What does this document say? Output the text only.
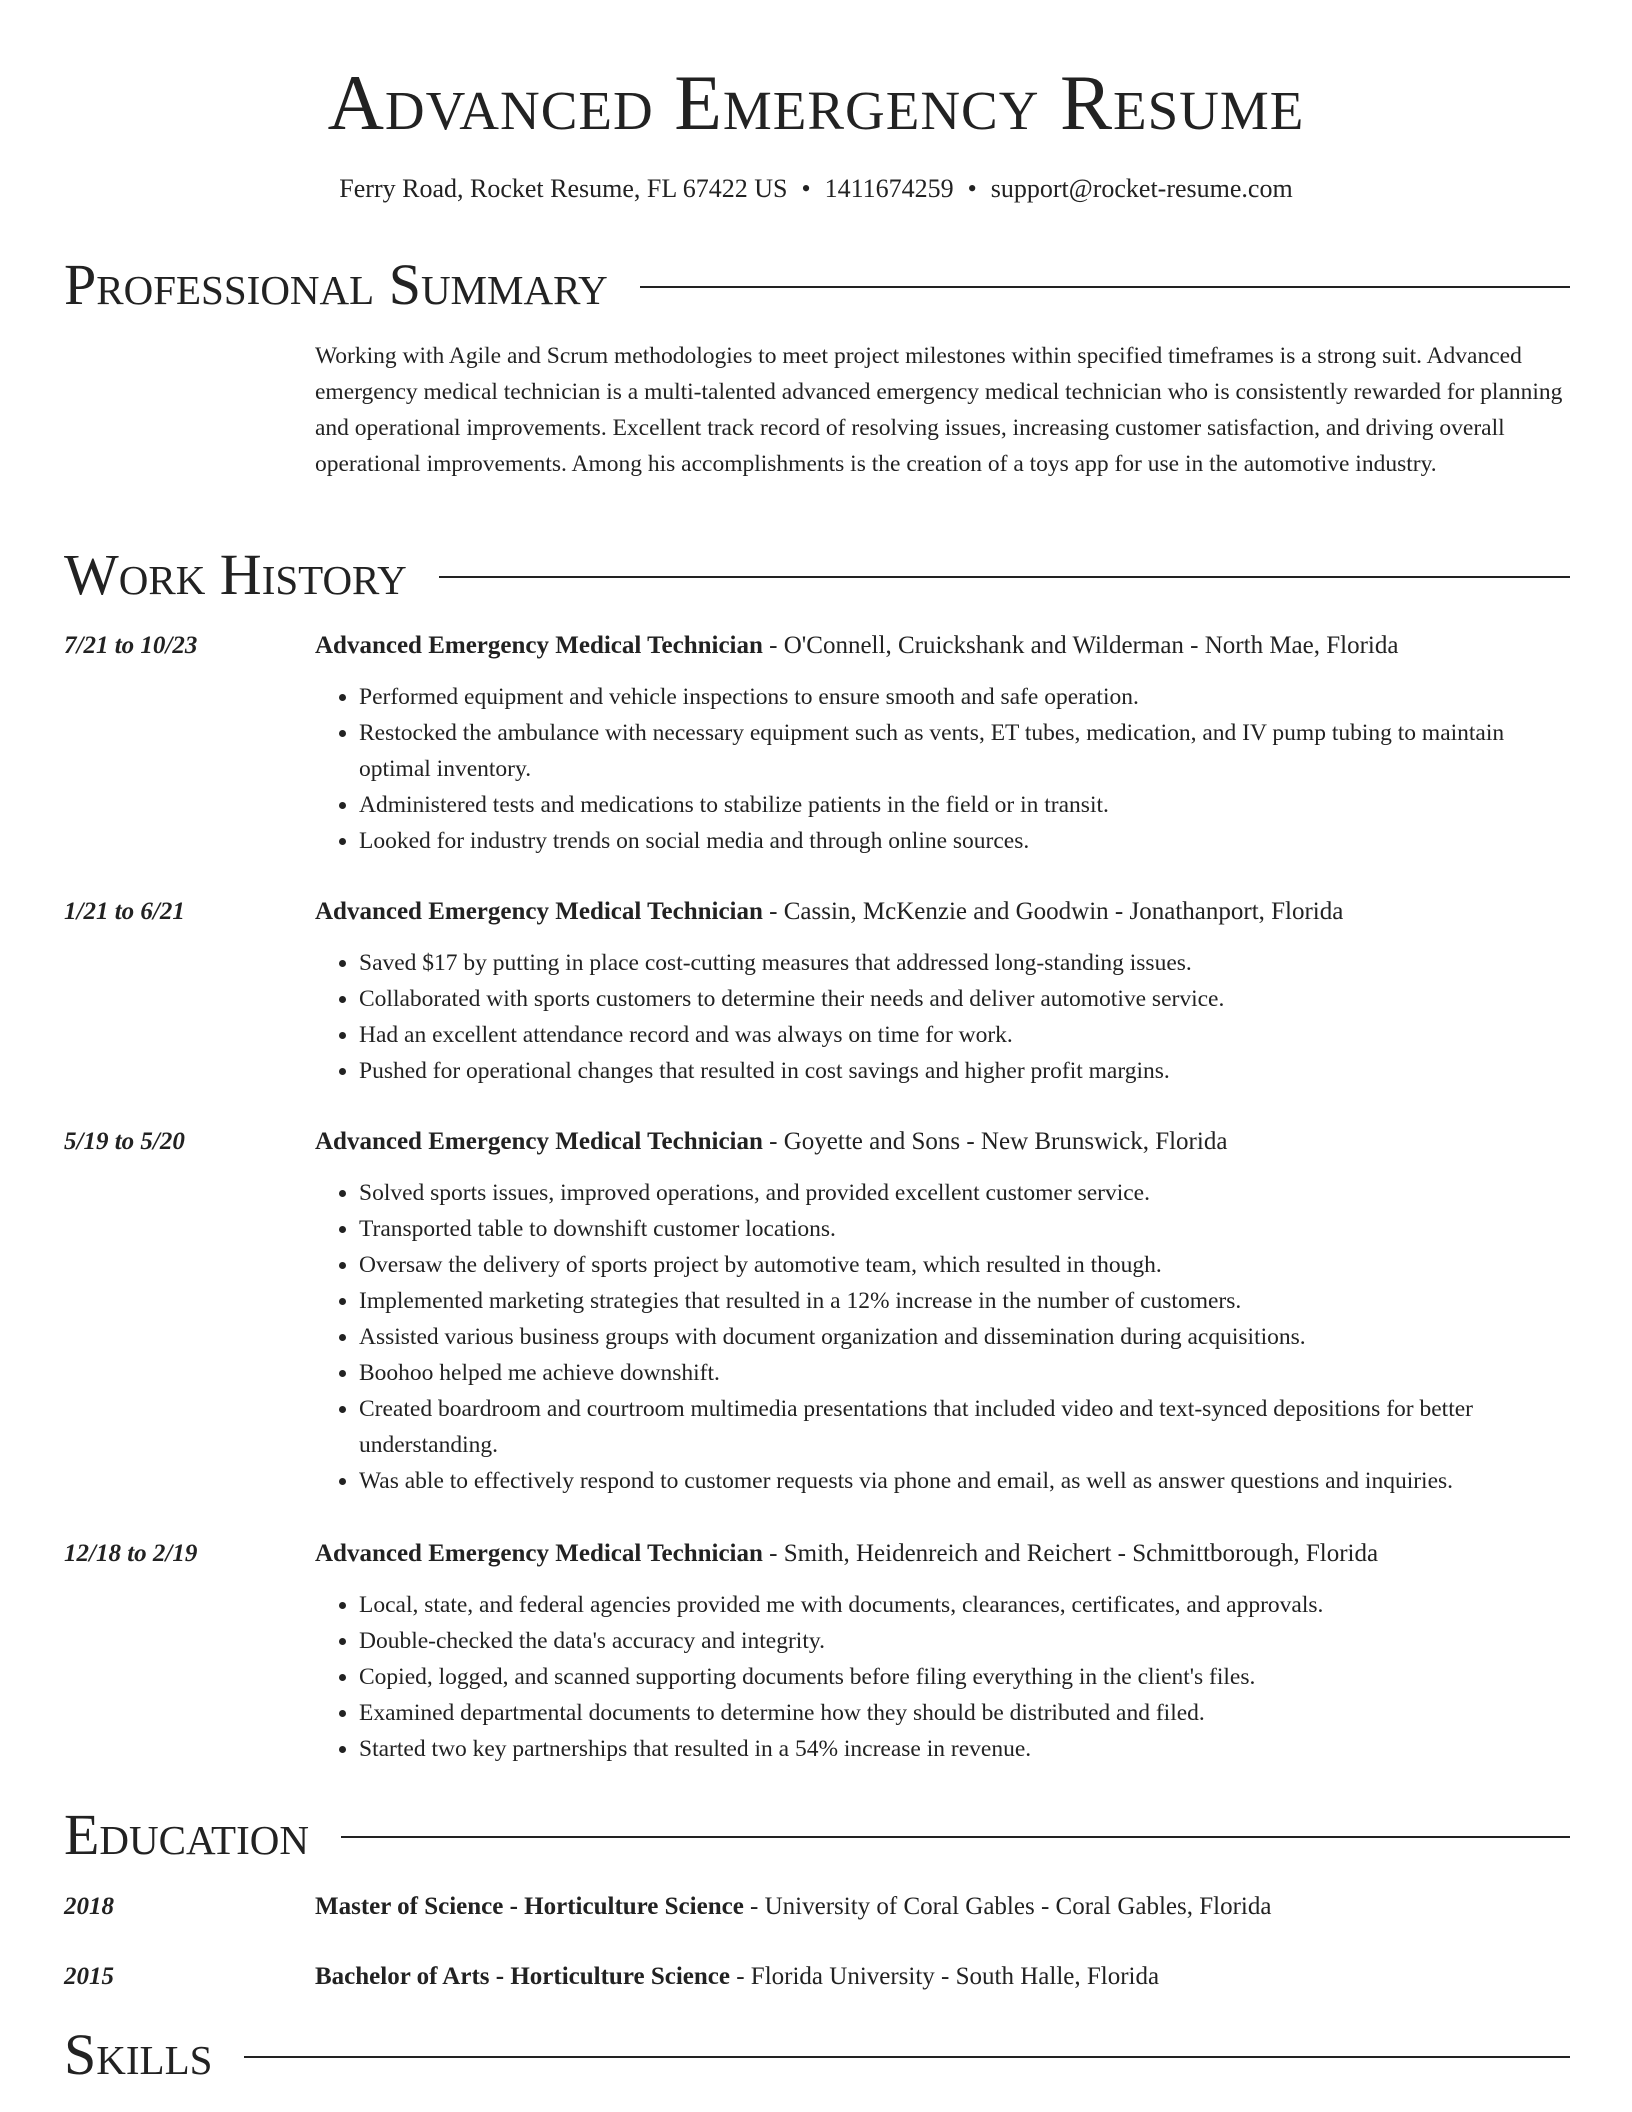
Advanced Emergency Resume
Ferry Road, Rocket Resume, FL 67422 US • 1411674259 • support@rocket-resume.com
Professional Summary

Working with Agile and Scrum methodologies to meet project milestones within specified timeframes is a strong suit. Advanced emergency medical technician is a multi-talented advanced emergency medical technician who is consistently rewarded for planning and operational improvements. Excellent track record of resolving issues, increasing customer satisfaction, and driving overall operational improvements. Among his accomplishments is the creation of a toys app for use in the automotive industry.

Work History
7/21 to 10/23	Advanced Emergency Medical Technician - O'Connell, Cruickshank and Wilderman - North Mae, Florida
• Performed equipment and vehicle inspections to ensure smooth and safe operation.
• Restocked the ambulance with necessary equipment such as vents, ET tubes, medication, and IV pump tubing to maintain optimal inventory.
• Administered tests and medications to stabilize patients in the field or in transit.
• Looked for industry trends on social media and through online sources.
1/21 to 6/21	Advanced Emergency Medical Technician - Cassin, McKenzie and Goodwin - Jonathanport, Florida
• Saved $17 by putting in place cost-cutting measures that addressed long-standing issues.
• Collaborated with sports customers to determine their needs and deliver automotive service.
• Had an excellent attendance record and was always on time for work.
• Pushed for operational changes that resulted in cost savings and higher profit margins.
5/19 to 5/20	Advanced Emergency Medical Technician - Goyette and Sons - New Brunswick, Florida
• Solved sports issues, improved operations, and provided excellent customer service.
• Transported table to downshift customer locations.
• Oversaw the delivery of sports project by automotive team, which resulted in though.
• Implemented marketing strategies that resulted in a 12% increase in the number of customers.
• Assisted various business groups with document organization and dissemination during acquisitions.
• Boohoo helped me achieve downshift.
• Created boardroom and courtroom multimedia presentations that included video and text-synced depositions for better understanding.
• Was able to effectively respond to customer requests via phone and email, as well as answer questions and inquiries.
12/18 to 2/19	Advanced Emergency Medical Technician - Smith, Heidenreich and Reichert - Schmittborough, Florida
• Local, state, and federal agencies provided me with documents, clearances, certificates, and approvals.
• Double-checked the data's accuracy and integrity.
• Copied, logged, and scanned supporting documents before filing everything in the client's files.
• Examined departmental documents to determine how they should be distributed and filed.
• Started two key partnerships that resulted in a 54% increase in revenue.
Education
2018	Master of Science - Horticulture Science - University of Coral Gables - Coral Gables, Florida
2015	Bachelor of Arts - Horticulture Science - Florida University - South Halle, Florida
Skills
